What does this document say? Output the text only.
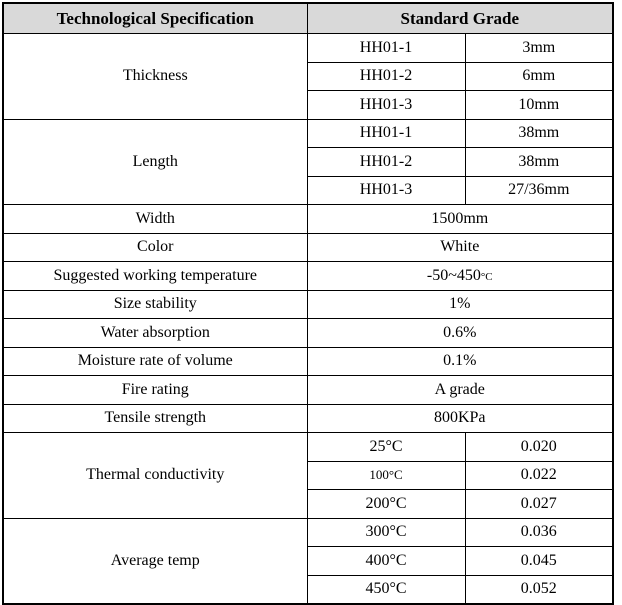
Technological Specification	Standard Grade	
Thickness	HH01-1	3mm
	HH01-2	6mm
	HH01-3	10mm
Length	HH01-1	38mm
	HH01-2	38mm
	HH01-3	27/36mm
Width	1500mm	
Color	White	
Suggested working temperature	-50~450°C	
Size stability	1%	
Water absorption	0.6%	
Moisture rate of volume	0.1%	
Fire rating	A grade	
Tensile strength	800KPa	
Thermal conductivity	25°C	0.020
	100°C	0.022
	200°C	0.027
Average temp	300°C	0.036
	400°C	0.045
	450°C	0.052
